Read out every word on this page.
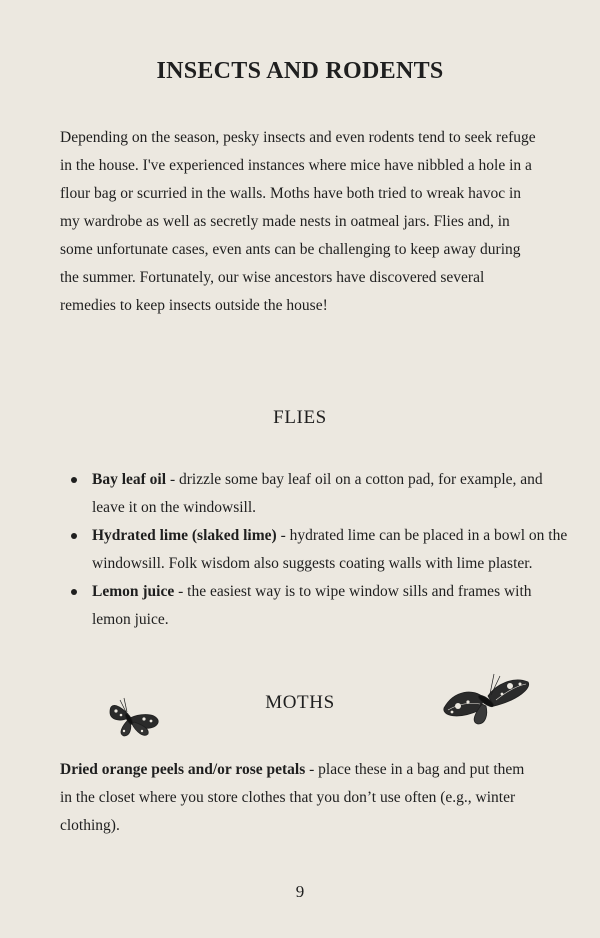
INSECTS AND RODENTS

Depending on the season, pesky insects and even rodents tend to seek refuge in the house. I've experienced instances where mice have nibbled a hole in a flour bag or scurried in the walls. Moths have both tried to wreak havoc in my wardrobe as well as secretly made nests in oatmeal jars. Flies and, in some unfortunate cases, even ants can be challenging to keep away during the summer. Fortunately, our wise ancestors have discovered several remedies to keep insects outside the house!

FLIES
Bay leaf oil - drizzle some bay leaf oil on a cotton pad, for example, and leave it on the windowsill.
Hydrated lime (slaked lime) - hydrated lime can be placed in a bowl on the windowsill. Folk wisdom also suggests coating walls with lime plaster.
Lemon juice - the easiest way is to wipe window sills and frames with lemon juice.
MOTHS

Dried orange peels and/or rose petals - place these in a bag and put them in the closet where you store clothes that you don’t use often (e.g., winter clothing).

9
